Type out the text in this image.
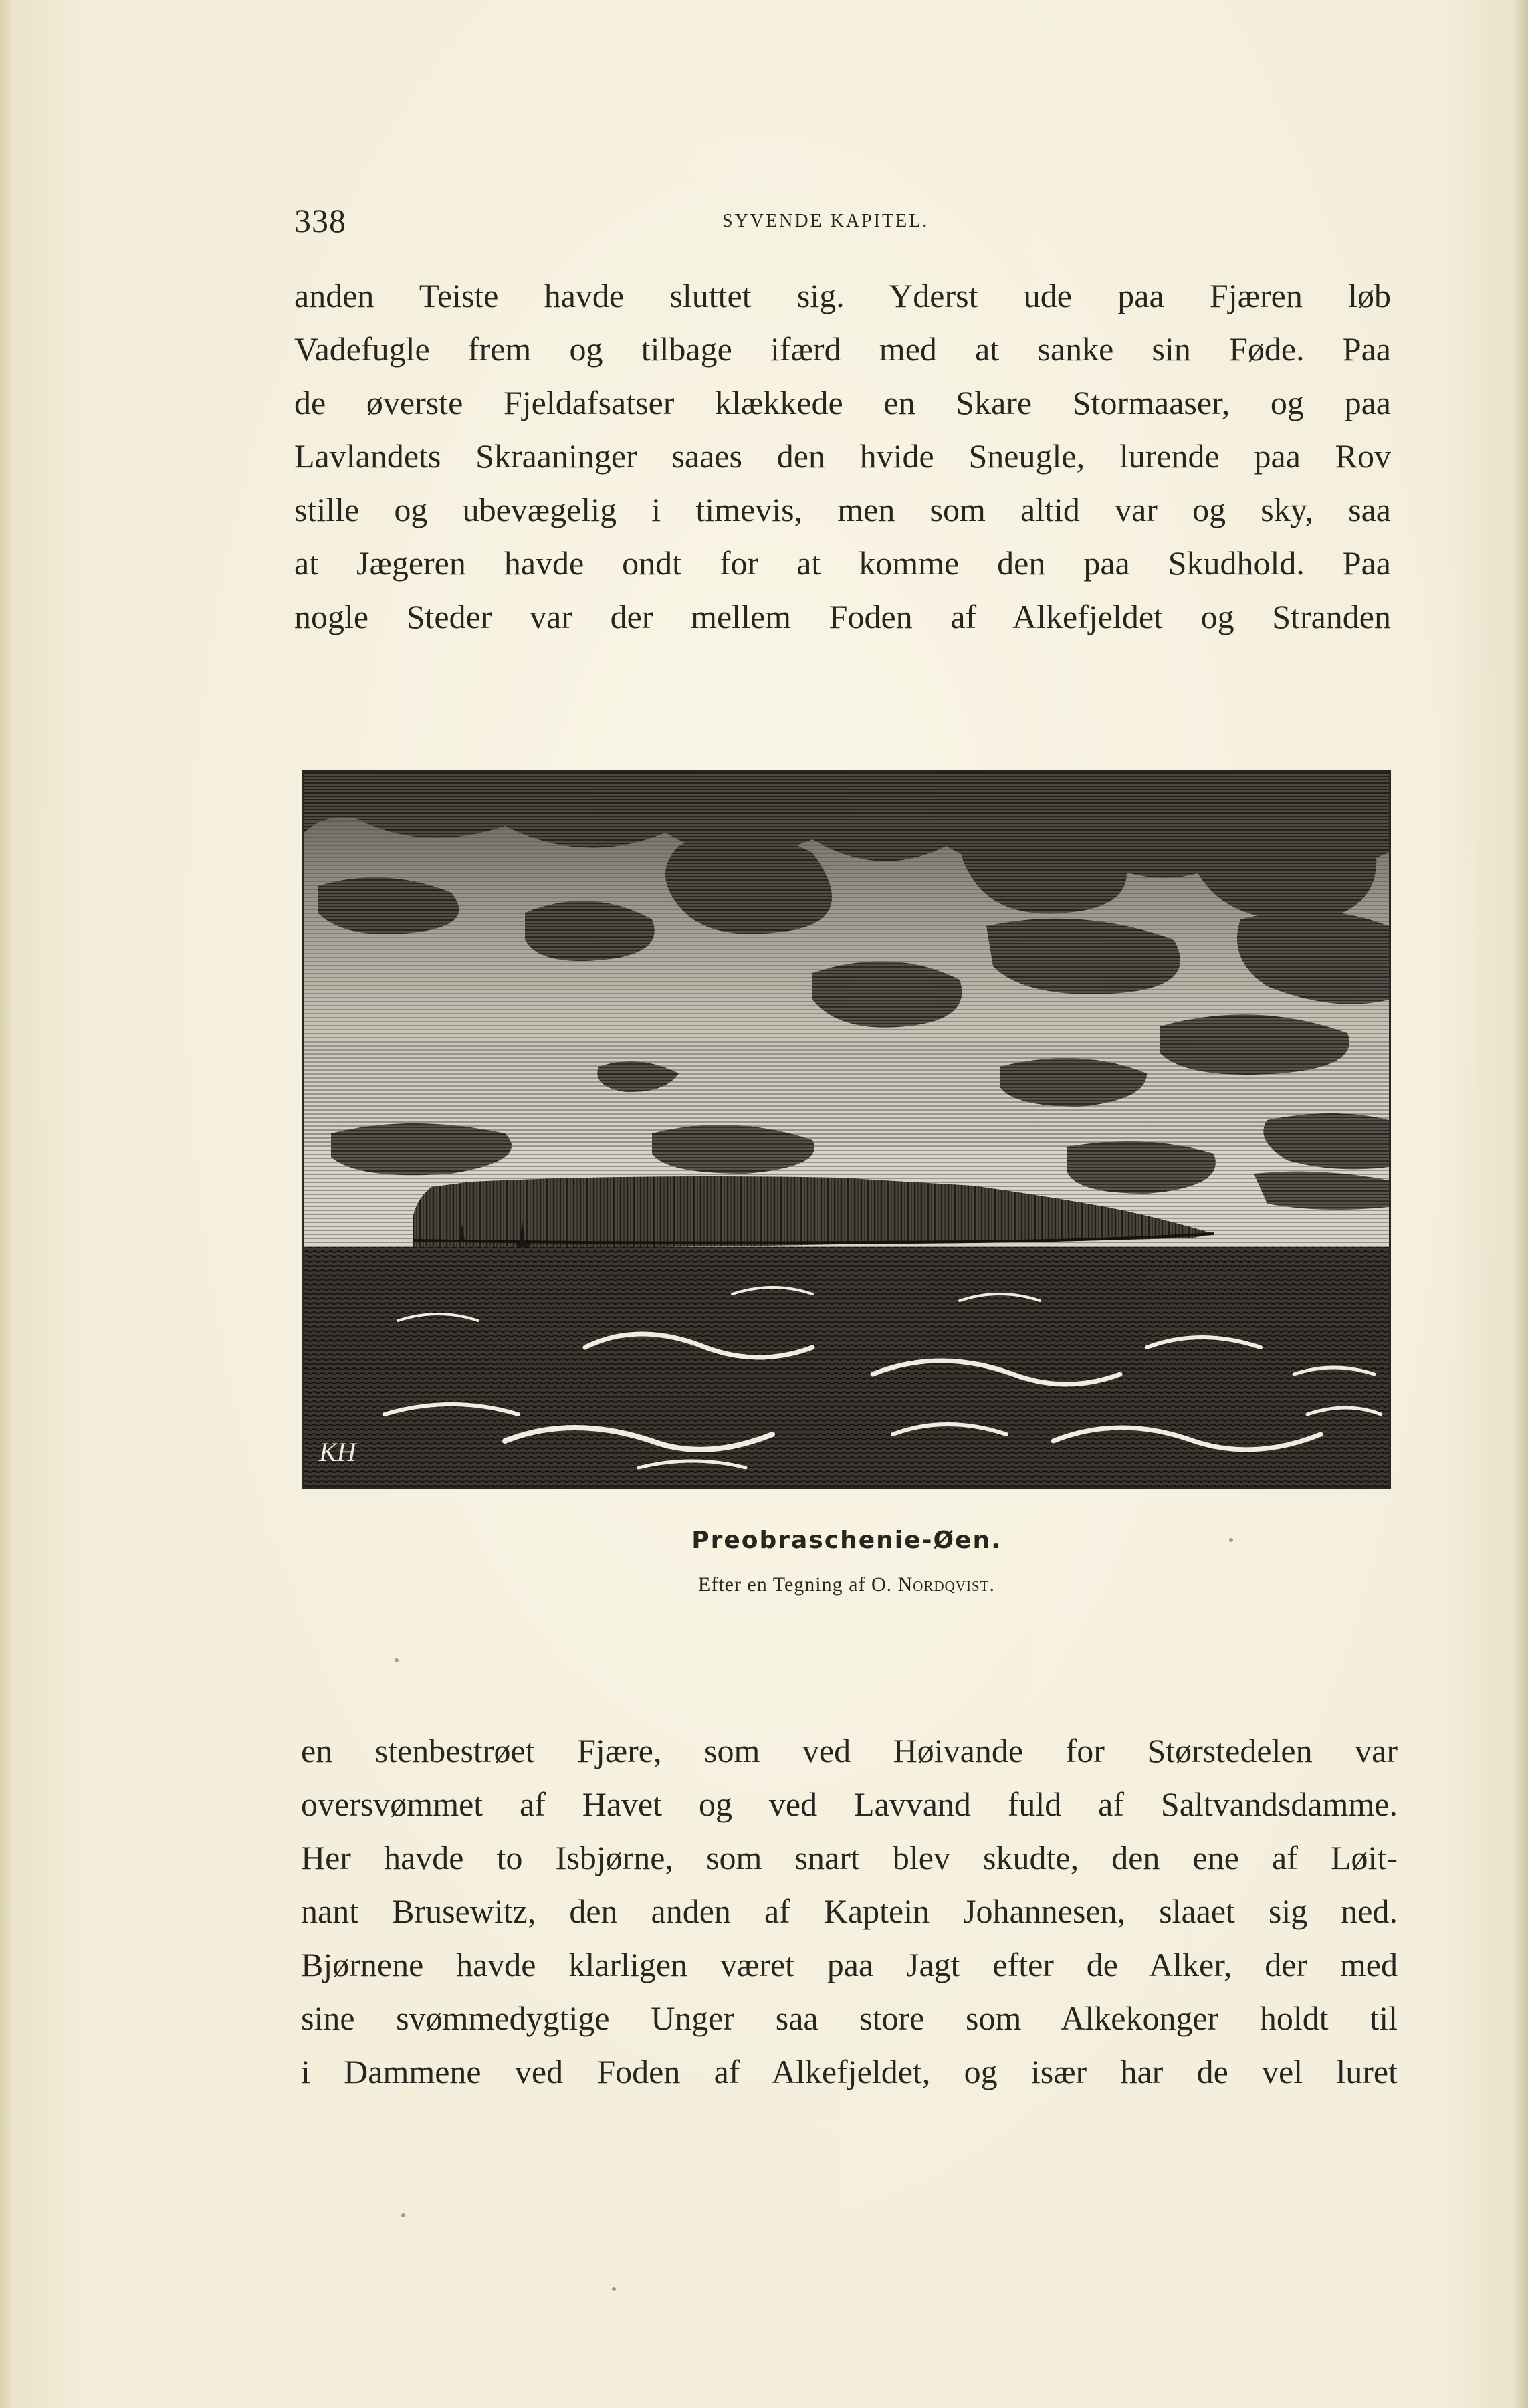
338	SYVENDE KAPITEL.
anden Teiste havde sluttet sig. Yderst ude paa Fjæren løb
Vadefugle frem og tilbage ifærd med at sanke sin Føde. Paa
de øverste Fjeldafsatser klækkede en Skare Stormaaser, og paa
Lavlandets Skraaninger saaes den hvide Sneugle, lurende paa Rov
stille og ubevægelig i timevis, men som altid var og sky, saa
at Jægeren havde ondt for at komme den paa Skudhold. Paa
nogle Steder var der mellem Foden af Alkefjeldet og Stranden
KH
Preobraschenie-Øen.
Efter en Tegning af O. Nordqvist.
en stenbestrøet Fjære, som ved Høivande for Størstedelen var
oversvømmet af Havet og ved Lavvand fuld af Saltvandsdamme.
Her havde to Isbjørne, som snart blev skudte, den ene af Løit-
nant Brusewitz, den anden af Kaptein Johannesen, slaaet sig ned.
Bjørnene havde klarligen været paa Jagt efter de Alker, der med
sine svømmedygtige Unger saa store som Alkekonger holdt til
i Dammene ved Foden af Alkefjeldet, og især har de vel luret
